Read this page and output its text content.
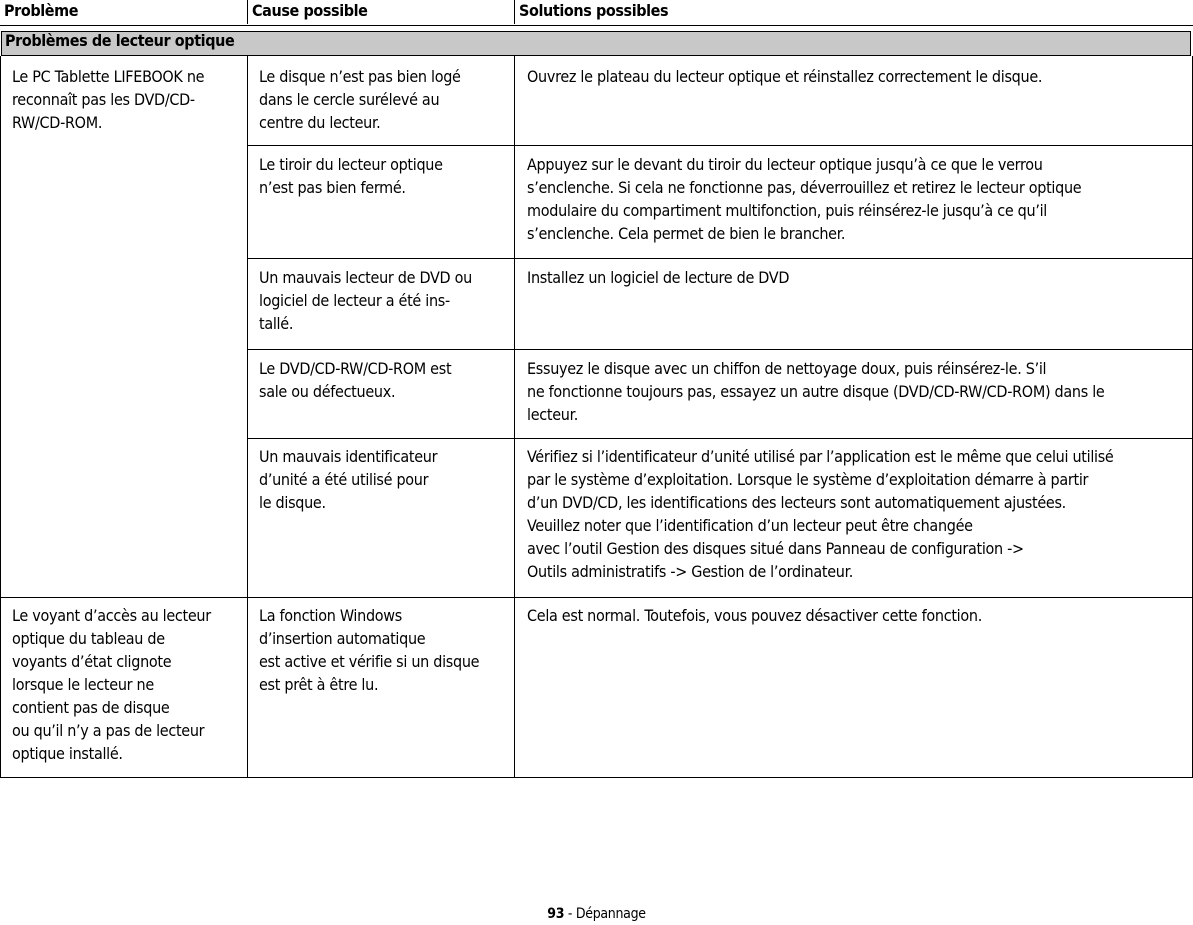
Problème	Cause possible	Solutions possibles
Problèmes de lecteur optique

Le PC Tablette LIFEBOOK ne
reconnaît pas les DVD/CD-
RW/CD-ROM.

Le disque n’est pas bien logé
dans le cercle surélevé au
centre du lecteur.

Ouvrez le plateau du lecteur optique et réinstallez correctement le disque.

Le tiroir du lecteur optique
n’est pas bien fermé.

Appuyez sur le devant du tiroir du lecteur optique jusqu’à ce que le verrou
s’enclenche. Si cela ne fonctionne pas, déverrouillez et retirez le lecteur optique
modulaire du compartiment multifonction, puis réinsérez-le jusqu’à ce qu’il
s’enclenche. Cela permet de bien le brancher.

Un mauvais lecteur de DVD ou
logiciel de lecteur a été ins-
tallé.

Installez un logiciel de lecture de DVD

Le DVD/CD-RW/CD-ROM est
sale ou défectueux.

Essuyez le disque avec un chiffon de nettoyage doux, puis réinsérez-le. S’il
ne fonctionne toujours pas, essayez un autre disque (DVD/CD-RW/CD-ROM) dans le
lecteur.

Un mauvais identificateur
d’unité a été utilisé pour
le disque.

Vérifiez si l’identificateur d’unité utilisé par l’application est le même que celui utilisé
par le système d’exploitation. Lorsque le système d’exploitation démarre à partir
d’un DVD/CD, les identifications des lecteurs sont automatiquement ajustées.
Veuillez noter que l’identification d’un lecteur peut être changée
avec l’outil Gestion des disques situé dans Panneau de configuration ->
Outils administratifs -> Gestion de l’ordinateur.

Le voyant d’accès au lecteur
optique du tableau de
voyants d’état clignote
lorsque le lecteur ne
contient pas de disque
ou qu’il n’y a pas de lecteur
optique installé.

La fonction Windows
d’insertion automatique
est active et vérifie si un disque
est prêt à être lu.

Cela est normal. Toutefois, vous pouvez désactiver cette fonction.

93 - Dépannage
